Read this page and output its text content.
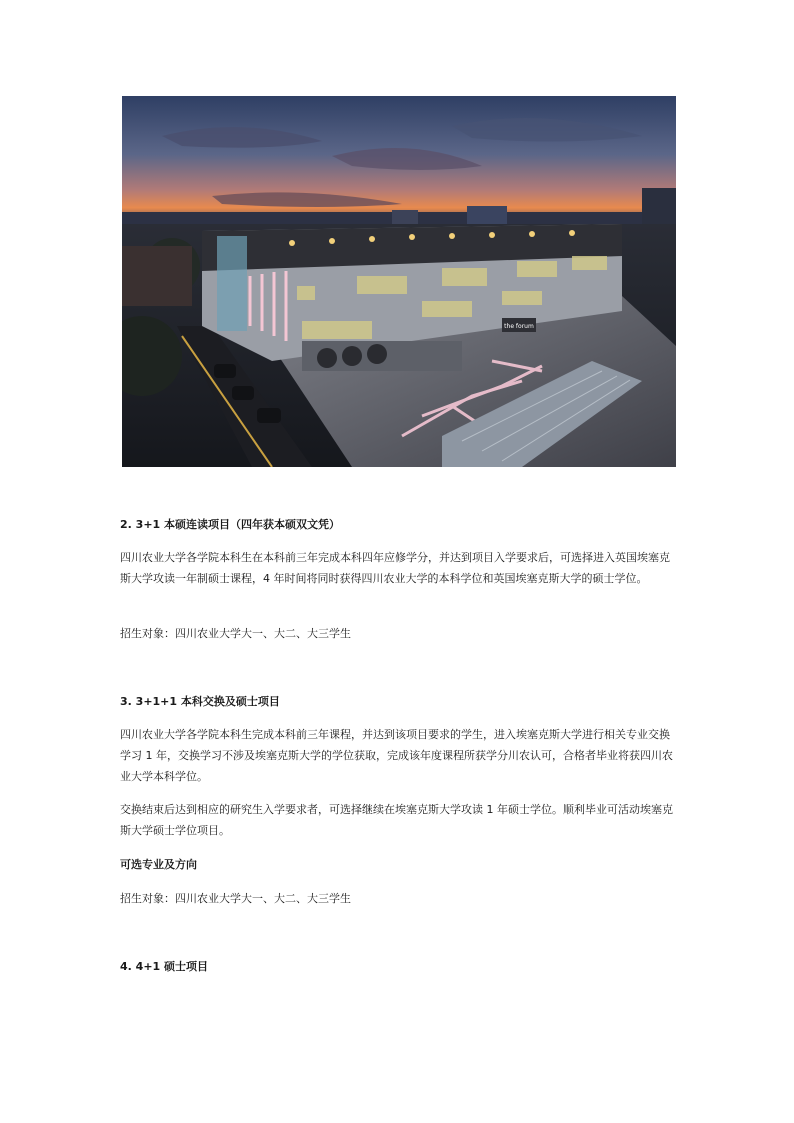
the forum

2. 3+1 本硕连读项目（四年获本硕双文凭）

四川农业大学各学院本科生在本科前三年完成本科四年应修学分，并达到项目入学要求后，可选择进入英国埃塞克斯大学攻读一年制硕士课程，4 年时间将同时获得四川农业大学的本科学位和英国埃塞克斯大学的硕士学位。

招生对象：四川农业大学大一、大二、大三学生

3. 3+1+1 本科交换及硕士项目

四川农业大学各学院本科生完成本科前三年课程，并达到该项目要求的学生，进入埃塞克斯大学进行相关专业交换学习 1 年，交换学习不涉及埃塞克斯大学的学位获取，完成该年度课程所获学分川农认可，合格者毕业将获四川农业大学本科学位。

交换结束后达到相应的研究生入学要求者，可选择继续在埃塞克斯大学攻读 1 年硕士学位。顺利毕业可活动埃塞克斯大学硕士学位项目。

可选专业及方向

招生对象：四川农业大学大一、大二、大三学生

4. 4+1 硕士项目
